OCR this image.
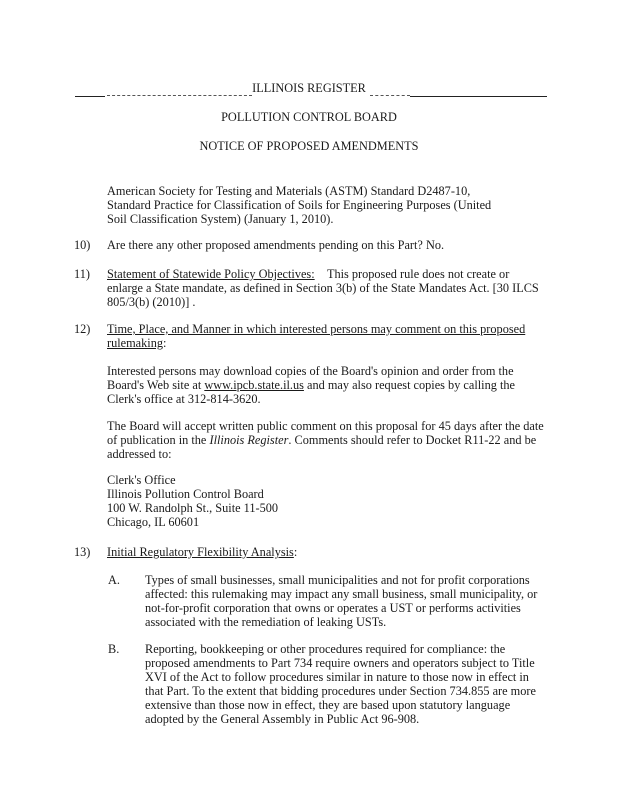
ILLINOIS REGISTER
POLLUTION CONTROL BOARD
NOTICE OF PROPOSED AMENDMENTS
American Society for Testing and Materials (ASTM) Standard D2487-10,
Standard Practice for Classification of Soils for Engineering Purposes (United
Soil Classification System) (January 1, 2010).
10) Are there any other proposed amendments pending on this Part? No.
11) Statement of Statewide Policy Objectives: This proposed rule does not create or
enlarge a State mandate, as defined in Section 3(b) of the State Mandates Act. [30 ILCS
805/3(b) (2010)] .
12) Time, Place, and Manner in which interested persons may comment on this proposed
rulemaking:
Interested persons may download copies of the Board's opinion and order from the
Board's Web site at www.ipcb.state.il.us and may also request copies by calling the
Clerk's office at 312-814-3620.
The Board will accept written public comment on this proposal for 45 days after the date
of publication in the Illinois Register. Comments should refer to Docket R11-22 and be
addressed to:
Clerk's Office
Illinois Pollution Control Board
100 W. Randolph St., Suite 11-500
Chicago, IL 60601
13) Initial Regulatory Flexibility Analysis:
A. Types of small businesses, small municipalities and not for profit corporations
affected: this rulemaking may impact any small business, small municipality, or
not-for-profit corporation that owns or operates a UST or performs activities
associated with the remediation of leaking USTs.
B. Reporting, bookkeeping or other procedures required for compliance: the
proposed amendments to Part 734 require owners and operators subject to Title
XVI of the Act to follow procedures similar in nature to those now in effect in
that Part. To the extent that bidding procedures under Section 734.855 are more
extensive than those now in effect, they are based upon statutory language
adopted by the General Assembly in Public Act 96-908.
